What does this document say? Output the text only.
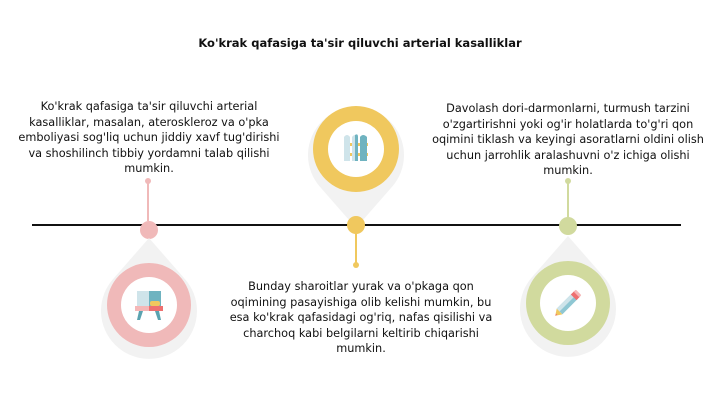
Ko'krak qafasiga ta'sir qiluvchi arterial kasalliklar
Ko'krak qafasiga ta'sir qiluvchi arterial kasalliklar, masalan, ateroskleroz va o'pka emboliyasi sog'liq uchun jiddiy xavf tug'dirishi va shoshilinch tibbiy yordamni talab qilishi mumkin.
Bunday sharoitlar yurak va o'pkaga qon oqimining pasayishiga olib kelishi mumkin, bu esa ko'krak qafasidagi og'riq, nafas qisilishi va charchoq kabi belgilarni keltirib chiqarishi mumkin.
Davolash dori-darmonlarni, turmush tarzini o'zgartirishni yoki og'ir holatlarda to'g'ri qon oqimini tiklash va keyingi asoratlarni oldini olish uchun jarrohlik aralashuvni o'z ichiga olishi mumkin.
